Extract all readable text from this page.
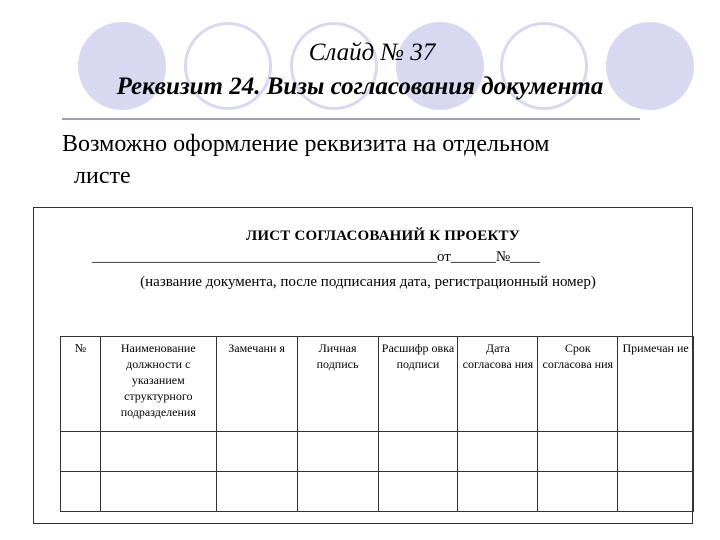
Слайд № 37
Реквизит 24. Визы согласования документа
Возможно оформление реквизита на отдельном
листе
ЛИСТ СОГЛАСОВАНИЙ К ПРОЕКТУ
______________________________________________от______№____
(название документа, после подписания дата, регистрационный номер)
№	Наименование должности с указанием структурного подразделения	Замечани я	Личная подпись	Расшифр овка подписи	Дата согласова ния	Срок согласова ния	Примечан ие
